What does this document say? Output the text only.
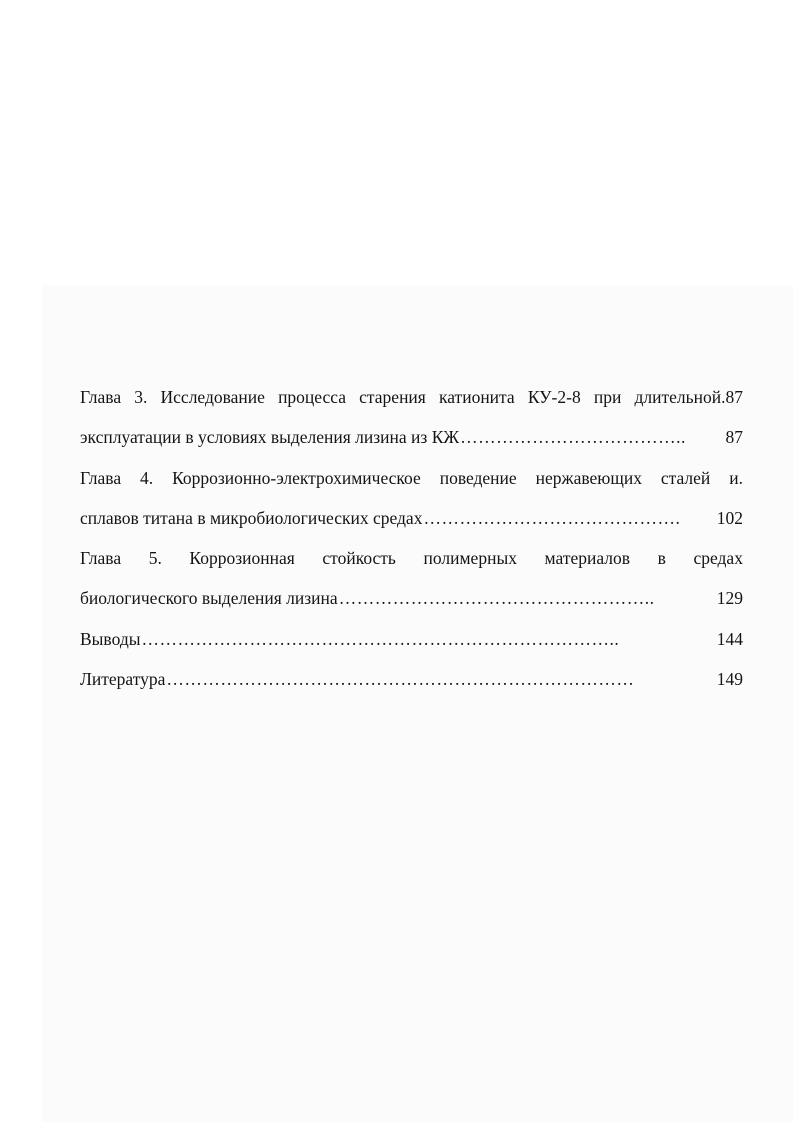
Глава 3. Исследование процесса старения катионита КУ-2-8 при длительной.87
эксплуатации в условиях выделения лизина из КЖ ………………………………..	87
Глава 4. Коррозионно-электрохимическое поведение нержавеющих сталей и.
сплавов титана в микробиологических средах …………………………………….	102
Глава 5. Коррозионная стойкость полимерных материалов в средах
биологического выделения лизина ……………………………………………..	129
Выводы ……………………………………………………………………..	144
Литература ……………………………………………………………………	149
